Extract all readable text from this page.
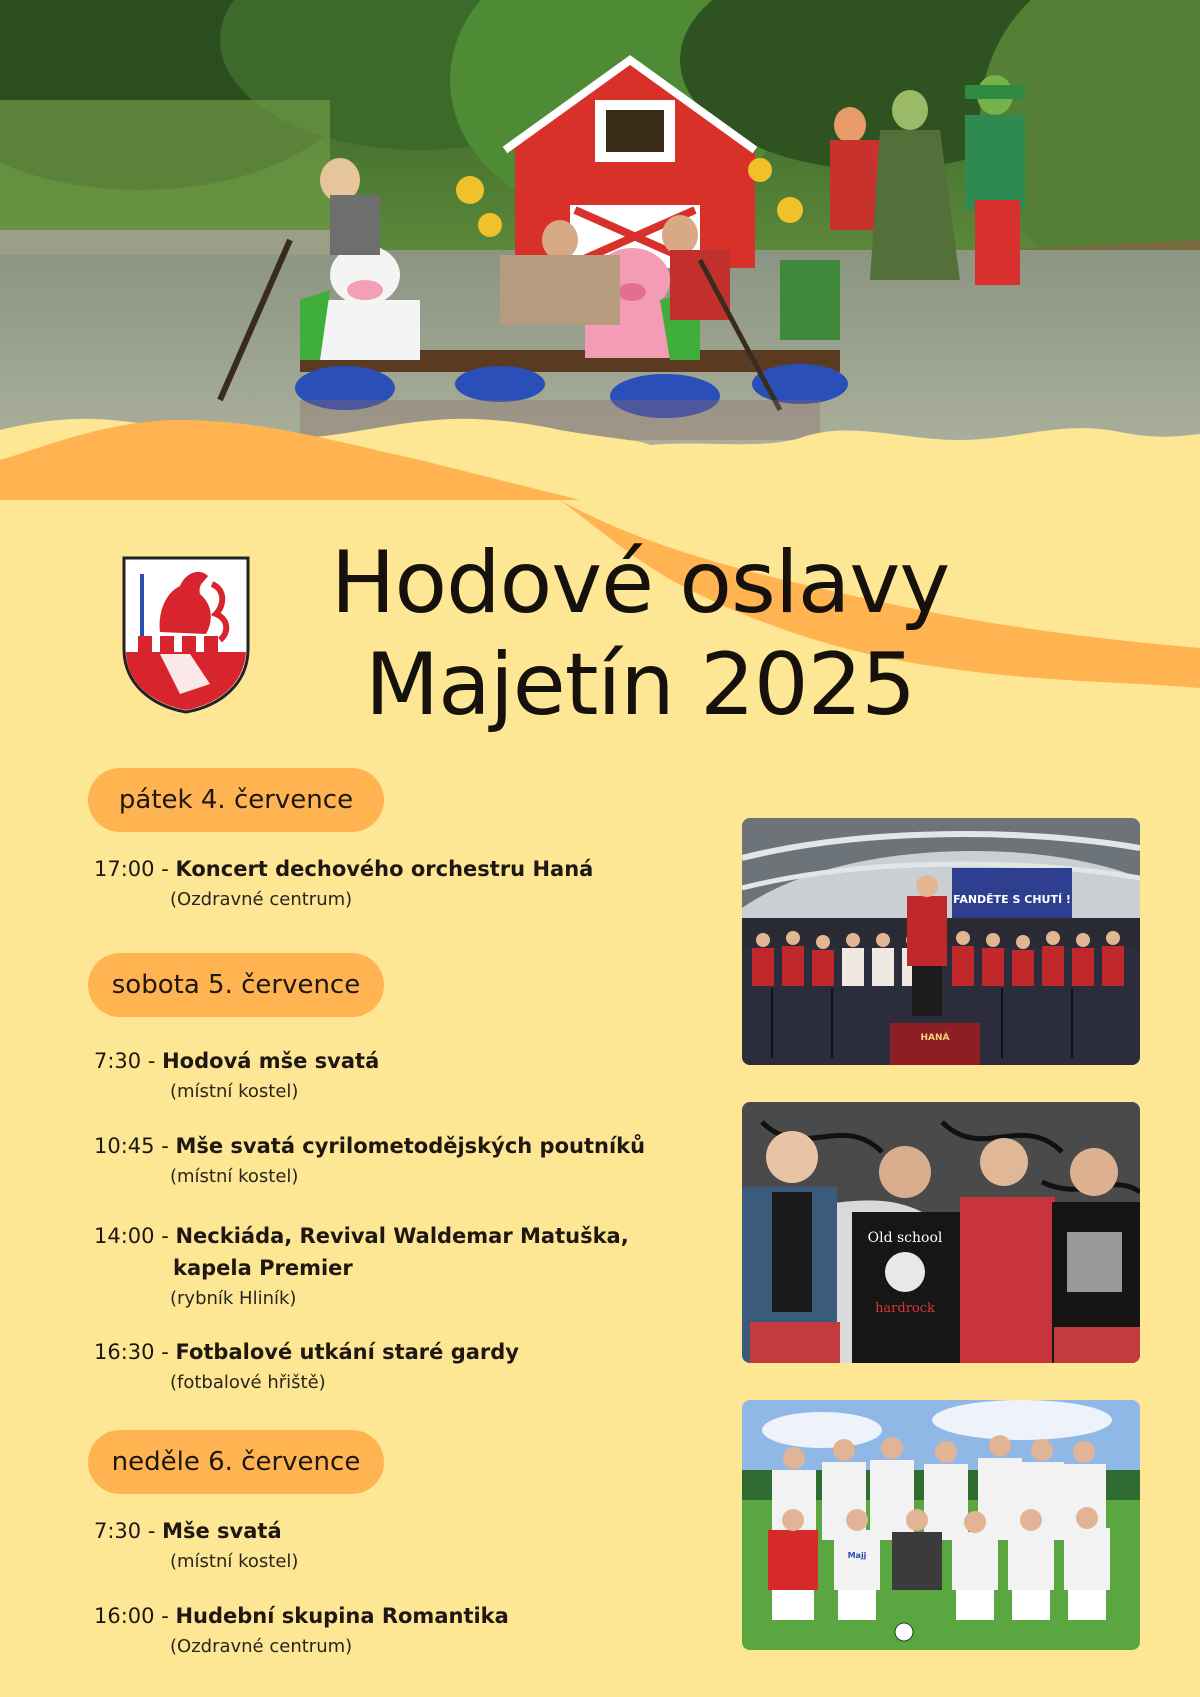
Hodové oslavy
Majetín 2025
pátek 4. července
17:00 - Koncert dechového orchestru Haná
(Ozdravné centrum)
sobota 5. července
7:30 - Hodová mše svatá
(místní kostel)
10:45 - Mše svatá cyrilometodějských poutníků
(místní kostel)
14:00 - Neckiáda, Revival Waldemar Matuška,
kapela Premier
(rybník Hliník)
16:30 - Fotbalové utkání staré gardy
(fotbalové hřiště)
neděle 6. července
7:30 - Mše svatá
(místní kostel)
16:00 - Hudební skupina Romantika
(Ozdravné centrum)
FANDĚTE S CHUTÍ !
HANÁ
Old school
hardrock
Majj
